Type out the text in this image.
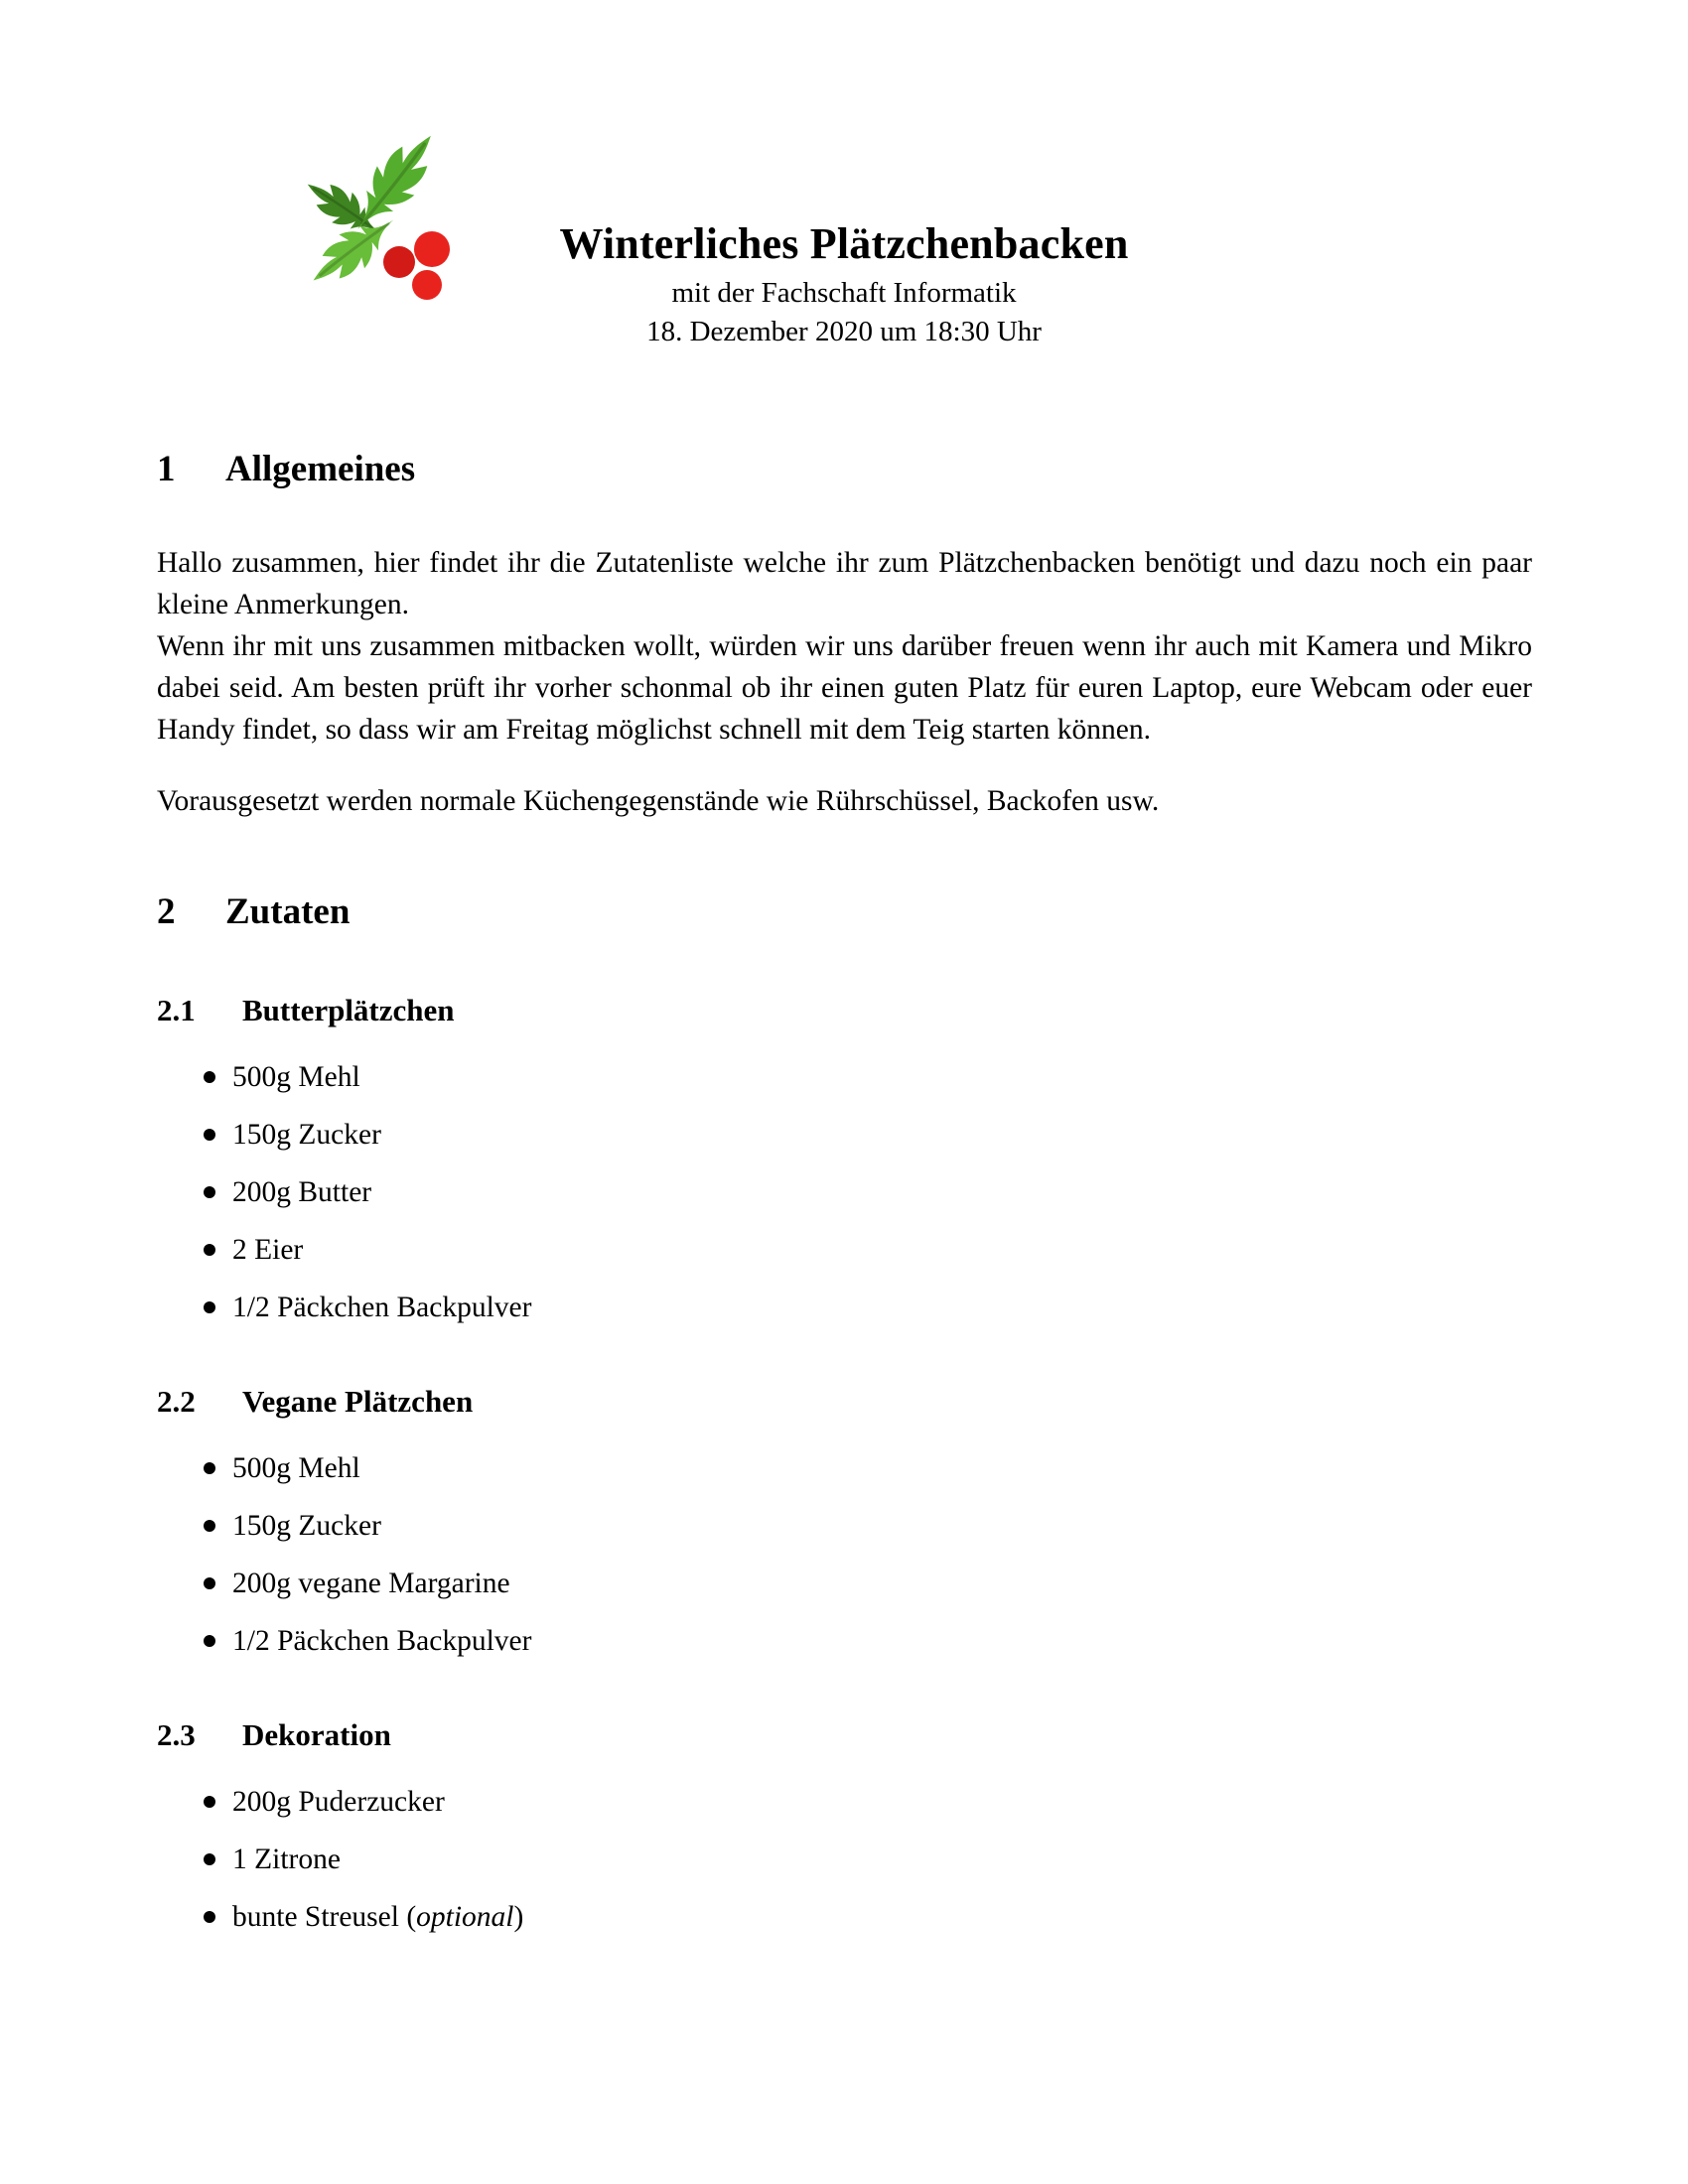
Winterliches Plätzchenbacken
mit der Fachschaft Informatik
18. Dezember 2020 um 18:30 Uhr
1	Allgemeines

Hallo zusammen, hier findet ihr die Zutatenliste welche ihr zum Plätzchenbacken benötigt und dazu noch ein paar kleine Anmerkungen.

Wenn ihr mit uns zusammen mitbacken wollt, würden wir uns darüber freuen wenn ihr auch mit Kamera und Mikro dabei seid. Am besten prüft ihr vorher schonmal ob ihr einen guten Platz für euren Laptop, eure Webcam oder euer Handy findet, so dass wir am Freitag möglichst schnell mit dem Teig starten können.

Vorausgesetzt werden normale Küchengegenstände wie Rührschüssel, Backofen usw.

2	Zutaten
2.1	Butterplätzchen
500g Mehl
150g Zucker
200g Butter
2 Eier
1/2 Päckchen Backpulver
2.2	Vegane Plätzchen
500g Mehl
150g Zucker
200g vegane Margarine
1/2 Päckchen Backpulver
2.3	Dekoration
200g Puderzucker
1 Zitrone
bunte Streusel (optional)
